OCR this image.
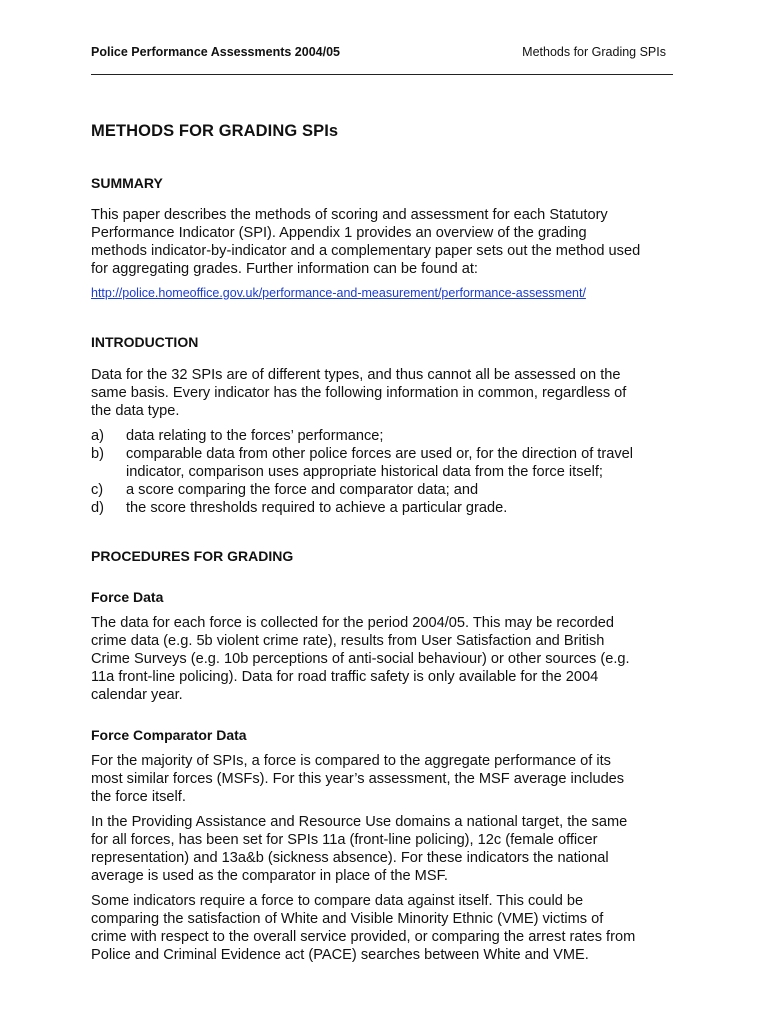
Police Performance Assessments 2004/05	Methods for Grading SPIs
METHODS FOR GRADING SPIs
SUMMARY

This paper describes the methods of scoring and assessment for each Statutory

Performance Indicator (SPI). Appendix 1 provides an overview of the grading

methods indicator-by-indicator and a complementary paper sets out the method used

for aggregating grades. Further information can be found at:

http://police.homeoffice.gov.uk/performance-and-measurement/performance-assessment/
INTRODUCTION

Data for the 32 SPIs are of different types, and thus cannot all be assessed on the

same basis. Every indicator has the following information in common, regardless of

the data type.

a) data relating to the forces’ performance;
b) comparable data from other police forces are used or, for the direction of travel
indicator, comparison uses appropriate historical data from the force itself;
c) a score comparing the force and comparator data; and
d) the score thresholds required to achieve a particular grade.
PROCEDURES FOR GRADING
Force Data

The data for each force is collected for the period 2004/05. This may be recorded

crime data (e.g. 5b violent crime rate), results from User Satisfaction and British

Crime Surveys (e.g. 10b perceptions of anti-social behaviour) or other sources (e.g.

11a front-line policing). Data for road traffic safety is only available for the 2004

calendar year.

Force Comparator Data

For the majority of SPIs, a force is compared to the aggregate performance of its

most similar forces (MSFs). For this year’s assessment, the MSF average includes

the force itself.

In the Providing Assistance and Resource Use domains a national target, the same

for all forces, has been set for SPIs 11a (front-line policing), 12c (female officer

representation) and 13a&b (sickness absence). For these indicators the national

average is used as the comparator in place of the MSF.

Some indicators require a force to compare data against itself. This could be

comparing the satisfaction of White and Visible Minority Ethnic (VME) victims of

crime with respect to the overall service provided, or comparing the arrest rates from

Police and Criminal Evidence act (PACE) searches between White and VME.
